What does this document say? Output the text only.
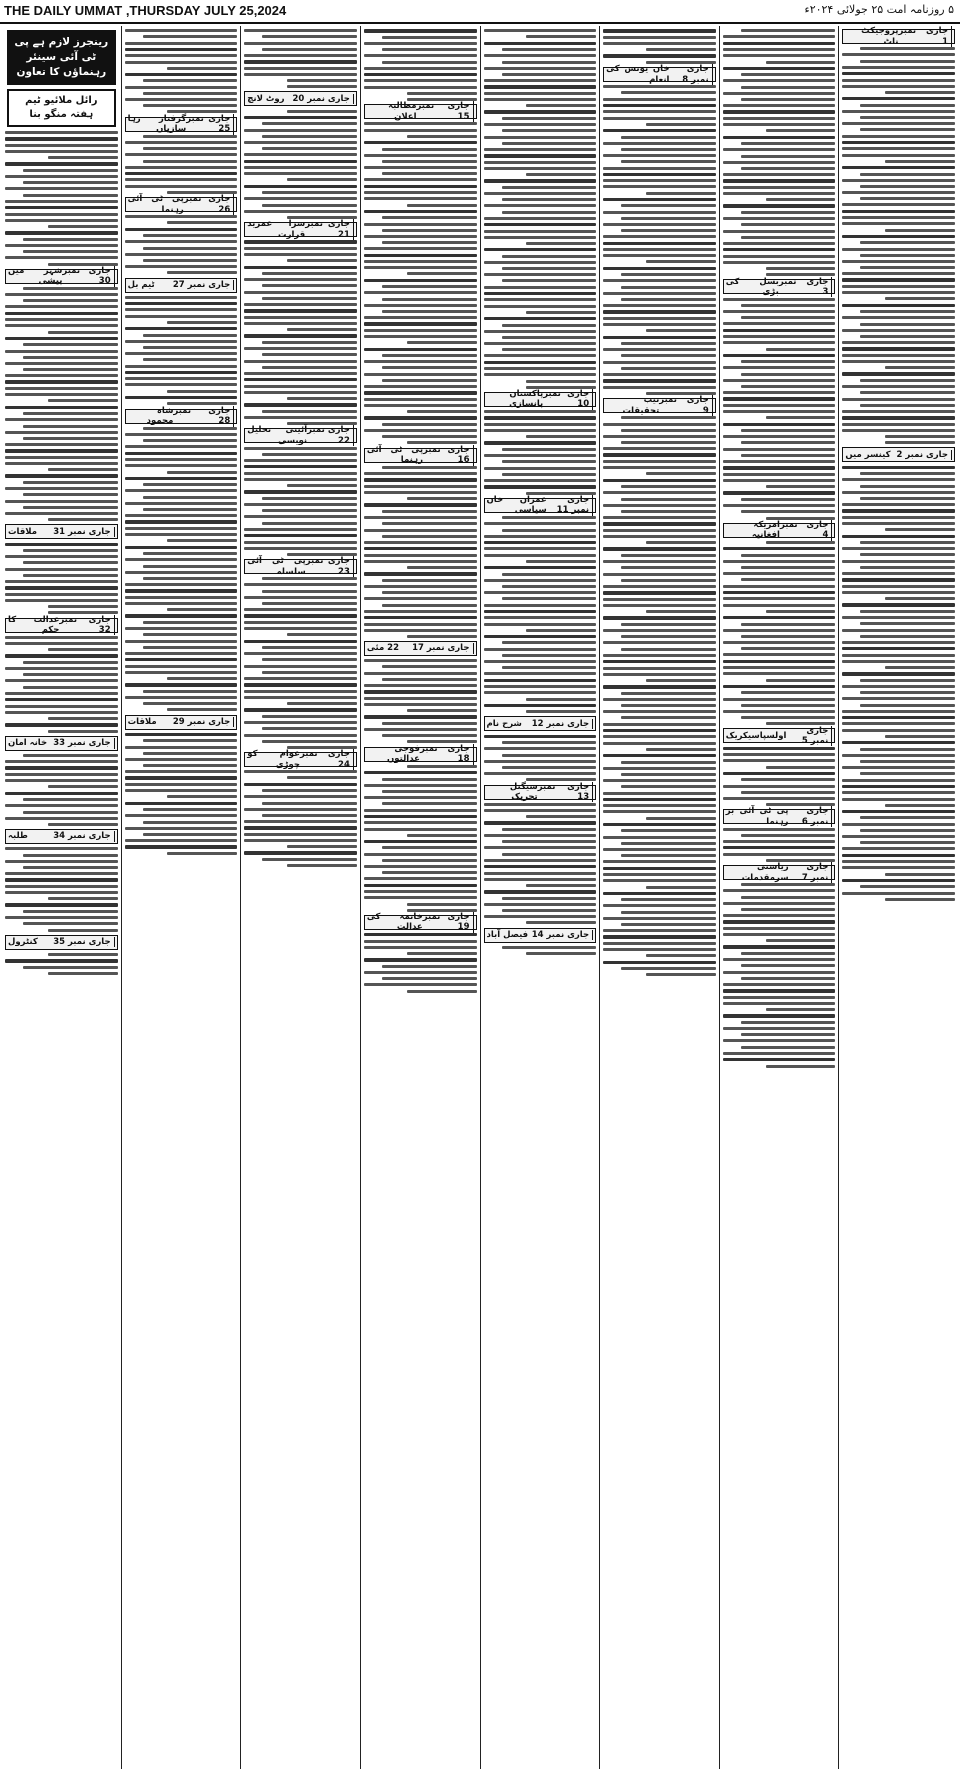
THE DAILY UMMAT ,THURSDAY JULY 25,2024	۵ روزنامہ امت ۲۵ جولائی ۲۰۲۴ء
جاری نمبر 1
پروجیکٹ ناٹ
جاری نمبر 2
کینسر میں
جاری نمبر 3
بسل کی بڑی
جاری نمبر 4
امریکہ افغانیہ
جاری نمبر 5
اولسپاسیکریک
جاری نمبر 6
پی ٹی آئی بر رہنما
جاری نمبر 7
ریاستی سرمقدمات
جاری نمبر 8
خان یونس کی انعام
جاری نمبر 9
نیب تحقیقات
جاری نمبر 10
پاکستان پانسازی
جاری نمبر 11
عمران خان سیاسی
جاری نمبر 12
شرح نام
جاری نمبر 13
سیگنل تحریک
جاری نمبر 14
فیصل آباد
جاری نمبر 15
مطالبہ اعلان
جاری نمبر 16
پی ٹی آئی رہنما
جاری نمبر 17
22 مئی
جاری نمبر 18
فوجی عدالتوں
جاری نمبر 19
خاتمہ کی عدالت
جاری نمبر 20
روٹ لانچ
جاری نمبر 21
سزا عمرید قرارت
جاری نمبر 22
آئینی تحلیل نویسی
جاری نمبر 23
پی ٹی آئی سلسلہ
جاری نمبر 24
عوام کو چوڑی
جاری نمبر 25
گرفتار رہا سازیاں
جاری نمبر 26
پی ٹی آئی رہنما
جاری نمبر 27
ٹیم بل
جاری نمبر 28
شاہ محمود
جاری نمبر 29
ملاقات
رینجرز لازم ہے پی ٹی آئی سینئر رہنماؤں کا تعاون
رائل ملائیو ٹیم ہفتہ منگو بنا
جاری نمبر 30
شہر میں پیشی
جاری نمبر 31
ملاقات
جاری نمبر 32
عدالت کا حکم
جاری نمبر 33
خانہ امان
جاری نمبر 34
طلبہ
جاری نمبر 35
کنٹرول
